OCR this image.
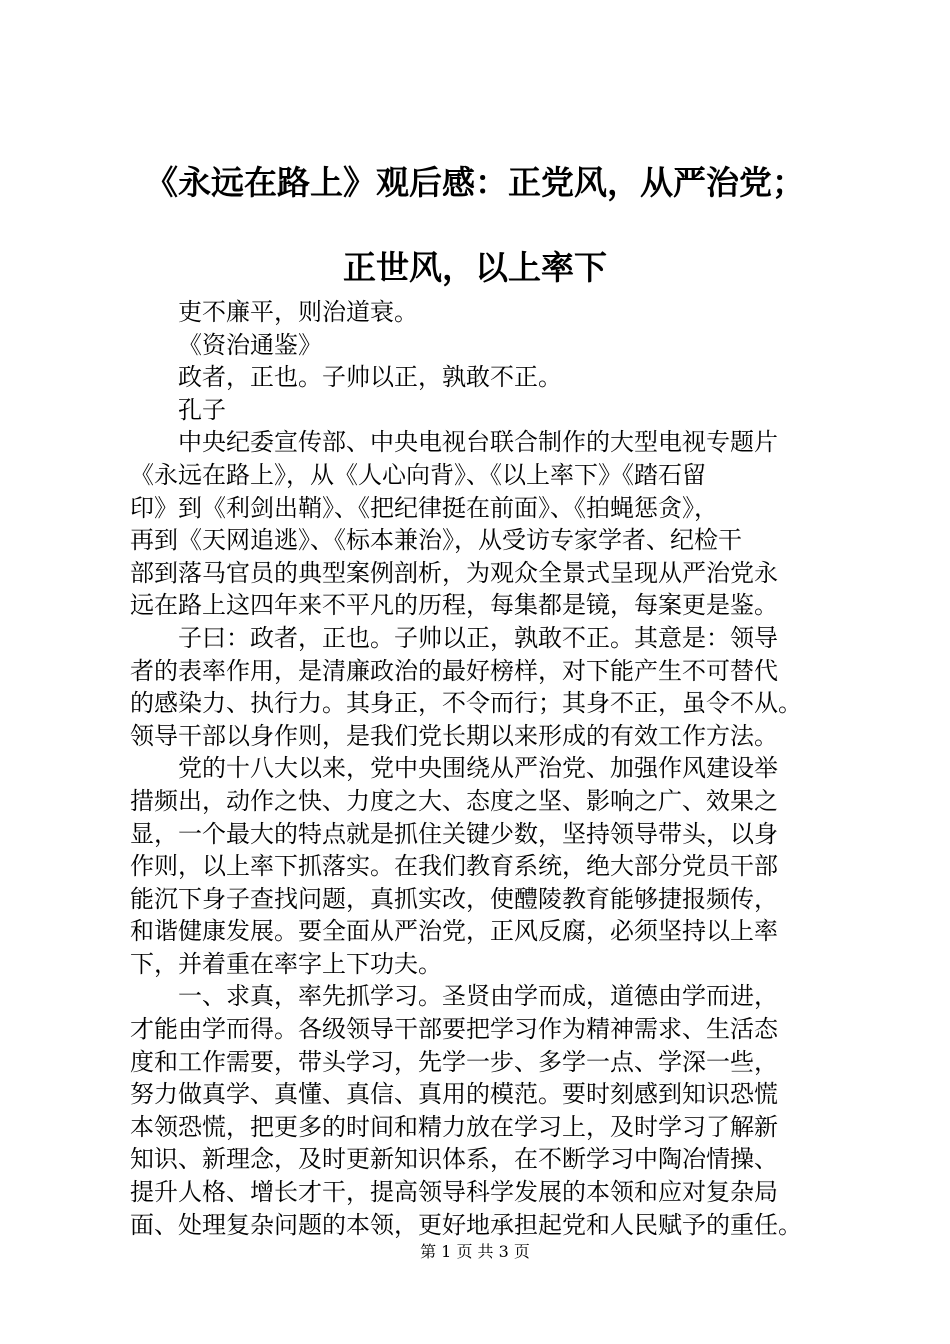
《永远在路上》观后感：正党风，从严治党；
正世风，以上率下
吏不廉平，则治道衰。
《资治通鉴》
政者，正也。子帅以正，孰敢不正。
孔子
中央纪委宣传部、中央电视台联合制作的大型电视专题片
《永远在路上》，从《人心向背》、《以上率下》《踏石留
印》到《利剑出鞘》、《把纪律挺在前面》、《拍蝇惩贪》，
再到《天网追逃》、《标本兼治》，从受访专家学者、纪检干
部到落马官员的典型案例剖析，为观众全景式呈现从严治党永
远在路上这四年来不平凡的历程，每集都是镜，每案更是鉴。
子曰：政者，正也。子帅以正，孰敢不正。其意是：领导
者的表率作用，是清廉政治的最好榜样，对下能产生不可替代
的感染力、执行力。其身正，不令而行；其身不正，虽令不从。
领导干部以身作则，是我们党长期以来形成的有效工作方法。
党的十八大以来，党中央围绕从严治党、加强作风建设举
措频出，动作之快、力度之大、态度之坚、影响之广、效果之
显，一个最大的特点就是抓住关键少数，坚持领导带头，以身
作则，以上率下抓落实。在我们教育系统，绝大部分党员干部
能沉下身子查找问题，真抓实改，使醴陵教育能够捷报频传，
和谐健康发展。要全面从严治党，正风反腐，必须坚持以上率
下，并着重在率字上下功夫。
一、求真，率先抓学习。圣贤由学而成，道德由学而进，
才能由学而得。各级领导干部要把学习作为精神需求、生活态
度和工作需要，带头学习，先学一步、多学一点、学深一些，
努力做真学、真懂、真信、真用的模范。要时刻感到知识恐慌
本领恐慌，把更多的时间和精力放在学习上，及时学习了解新
知识、新理念，及时更新知识体系，在不断学习中陶冶情操、
提升人格、增长才干，提高领导科学发展的本领和应对复杂局
面、处理复杂问题的本领，更好地承担起党和人民赋予的重任。
第 1 页 共 3 页
